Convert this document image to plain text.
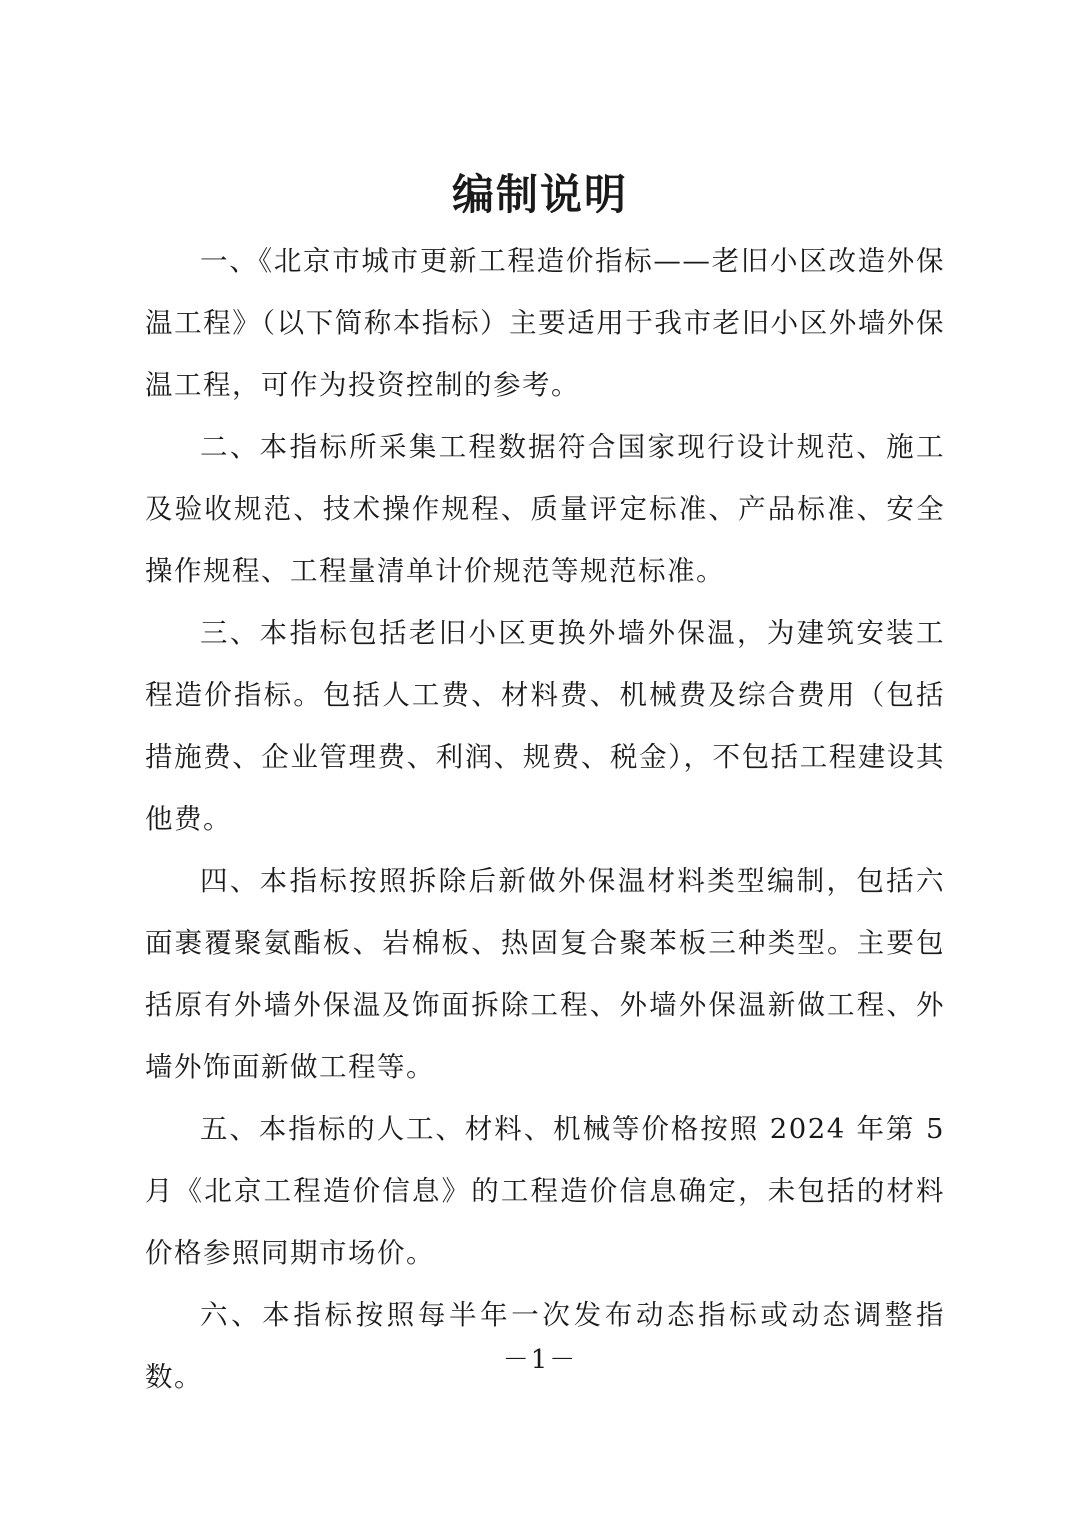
编制说明

一、《北京市城市更新工程造价指标——老旧小区改造外保温工程》（以下简称本指标）主要适用于我市老旧小区外墙外保温工程，可作为投资控制的参考。

二、本指标所采集工程数据符合国家现行设计规范、施工及验收规范、技术操作规程、质量评定标准、产品标准、安全操作规程、工程量清单计价规范等规范标准。

三、本指标包括老旧小区更换外墙外保温，为建筑安装工程造价指标。包括人工费、材料费、机械费及综合费用（包括措施费、企业管理费、利润、规费、税金），不包括工程建设其他费。

四、本指标按照拆除后新做外保温材料类型编制，包括六面裹覆聚氨酯板、岩棉板、热固复合聚苯板三种类型。主要包括原有外墙外保温及饰面拆除工程、外墙外保温新做工程、外墙外饰面新做工程等。

五、本指标的人工、材料、机械等价格按照 2024 年第 5 月《北京工程造价信息》的工程造价信息确定，未包括的材料价格参照同期市场价。

六、本指标按照每半年一次发布动态指标或动态调整指数。

－1－
